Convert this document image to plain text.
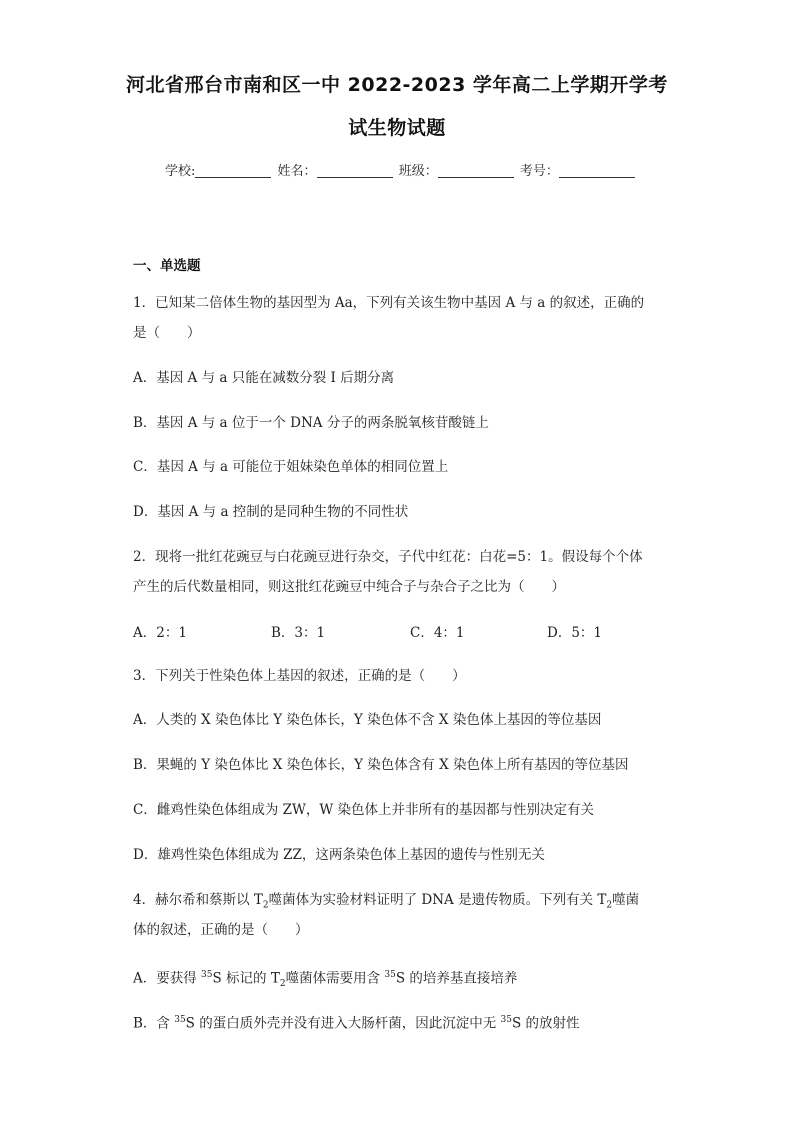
河北省邢台市南和区一中 2022-2023 学年高二上学期开学考
试生物试题
学校:	姓名：	班级：	考号：
一、单选题
1．已知某二倍体生物的基因型为 Aa，下列有关该生物中基因 A 与 a 的叙述，正确的
是（　　）
A．基因 A 与 a 只能在减数分裂 I 后期分离
B．基因 A 与 a 位于一个 DNA 分子的两条脱氧核苷酸链上
C．基因 A 与 a 可能位于姐妹染色单体的相同位置上
D．基因 A 与 a 控制的是同种生物的不同性状
2．现将一批红花豌豆与白花豌豆进行杂交，子代中红花：白花=5：1。假设每个个体
产生的后代数量相同，则这批红花豌豆中纯合子与杂合子之比为（　　）
A．2：1	B．3：1	C．4：1	D．5：1
3．下列关于性染色体上基因的叙述，正确的是（　　）
A．人类的 X 染色体比 Y 染色体长，Y 染色体不含 X 染色体上基因的等位基因
B．果蝇的 Y 染色体比 X 染色体长，Y 染色体含有 X 染色体上所有基因的等位基因
C．雌鸡性染色体组成为 ZW，W 染色体上并非所有的基因都与性别决定有关
D．雄鸡性染色体组成为 ZZ，这两条染色体上基因的遗传与性别无关
4．赫尔希和蔡斯以 $T_2$噬菌体为实验材料证明了 DNA 是遗传物质。下列有关 $T_2$噬菌
体的叙述，正确的是（　　）
A．要获得 $^{35}$S 标记的 $T_2$噬菌体需要用含 $^{35}$S 的培养基直接培养
B．含 $^{35}$S 的蛋白质外壳并没有进入大肠杆菌，因此沉淀中无 $^{35}$S 的放射性
